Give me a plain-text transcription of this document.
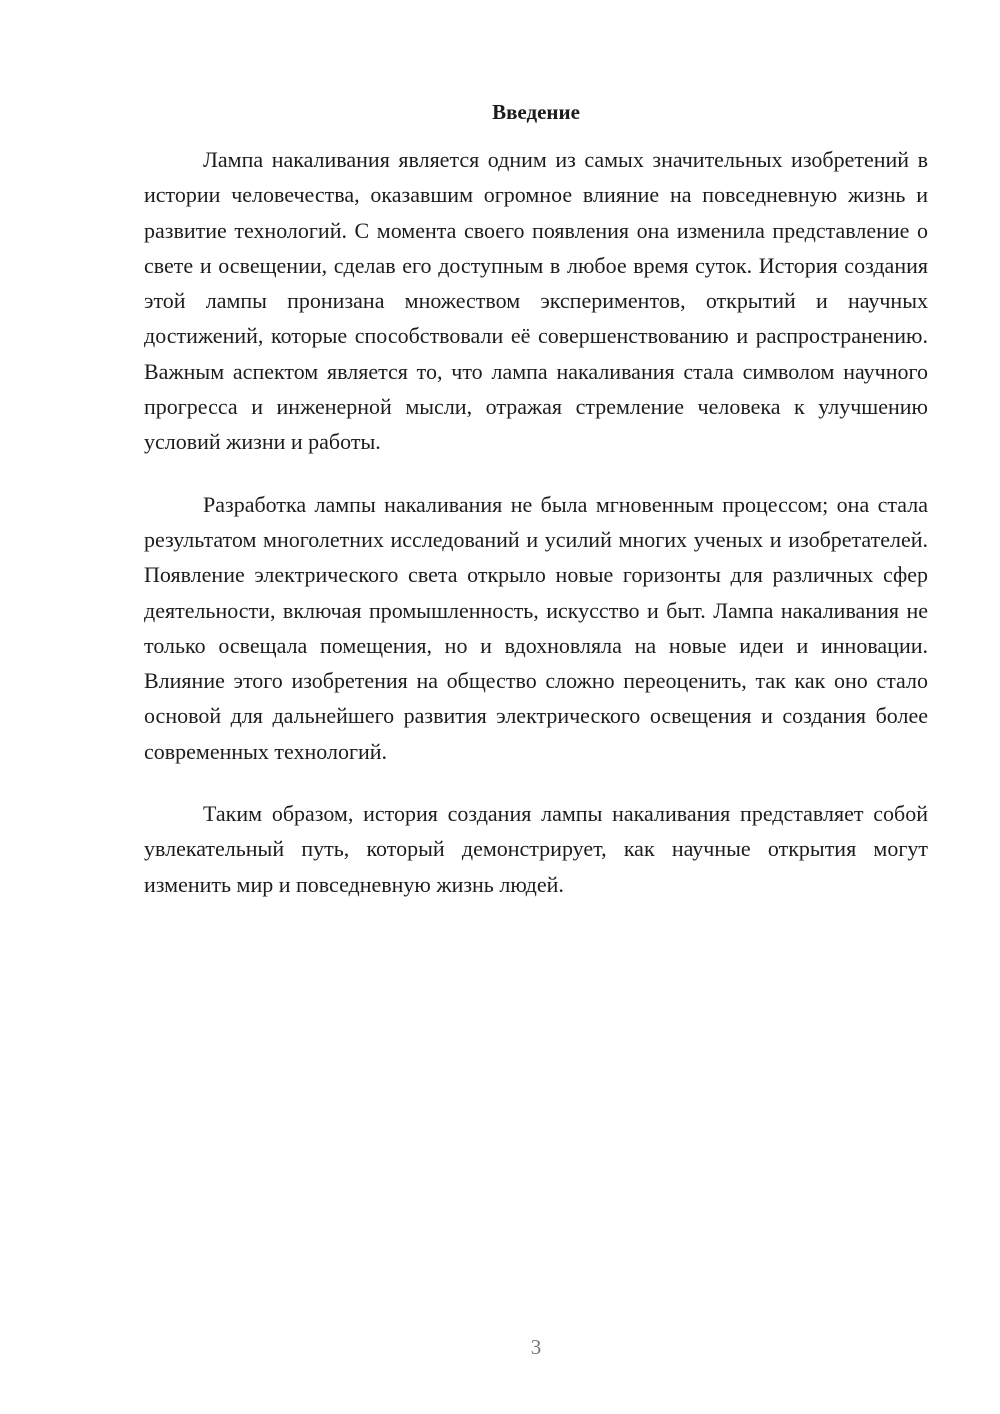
Введение

Лампа накаливания является одним из самых значительных изобретений в истории человечества, оказавшим огромное влияние на повседневную жизнь и развитие технологий. С момента своего появления она изменила представление о свете и освещении, сделав его доступным в любое время суток. История создания этой лампы пронизана множеством экспериментов, открытий и научных достижений, которые способствовали её совершенствованию и распространению. Важным аспектом является то, что лампа накаливания стала символом научного прогресса и инженерной мысли, отражая стремление человека к улучшению условий жизни и работы.

Разработка лампы накаливания не была мгновенным процессом; она стала результатом многолетних исследований и усилий многих ученых и изобретателей. Появление электрического света открыло новые горизонты для различных сфер деятельности, включая промышленность, искусство и быт. Лампа накаливания не только освещала помещения, но и вдохновляла на новые идеи и инновации. Влияние этого изобретения на общество сложно переоценить, так как оно стало основой для дальнейшего развития электрического освещения и создания более современных технологий.

Таким образом, история создания лампы накаливания представляет собой увлекательный путь, который демонстрирует, как научные открытия могут изменить мир и повседневную жизнь людей.

3
